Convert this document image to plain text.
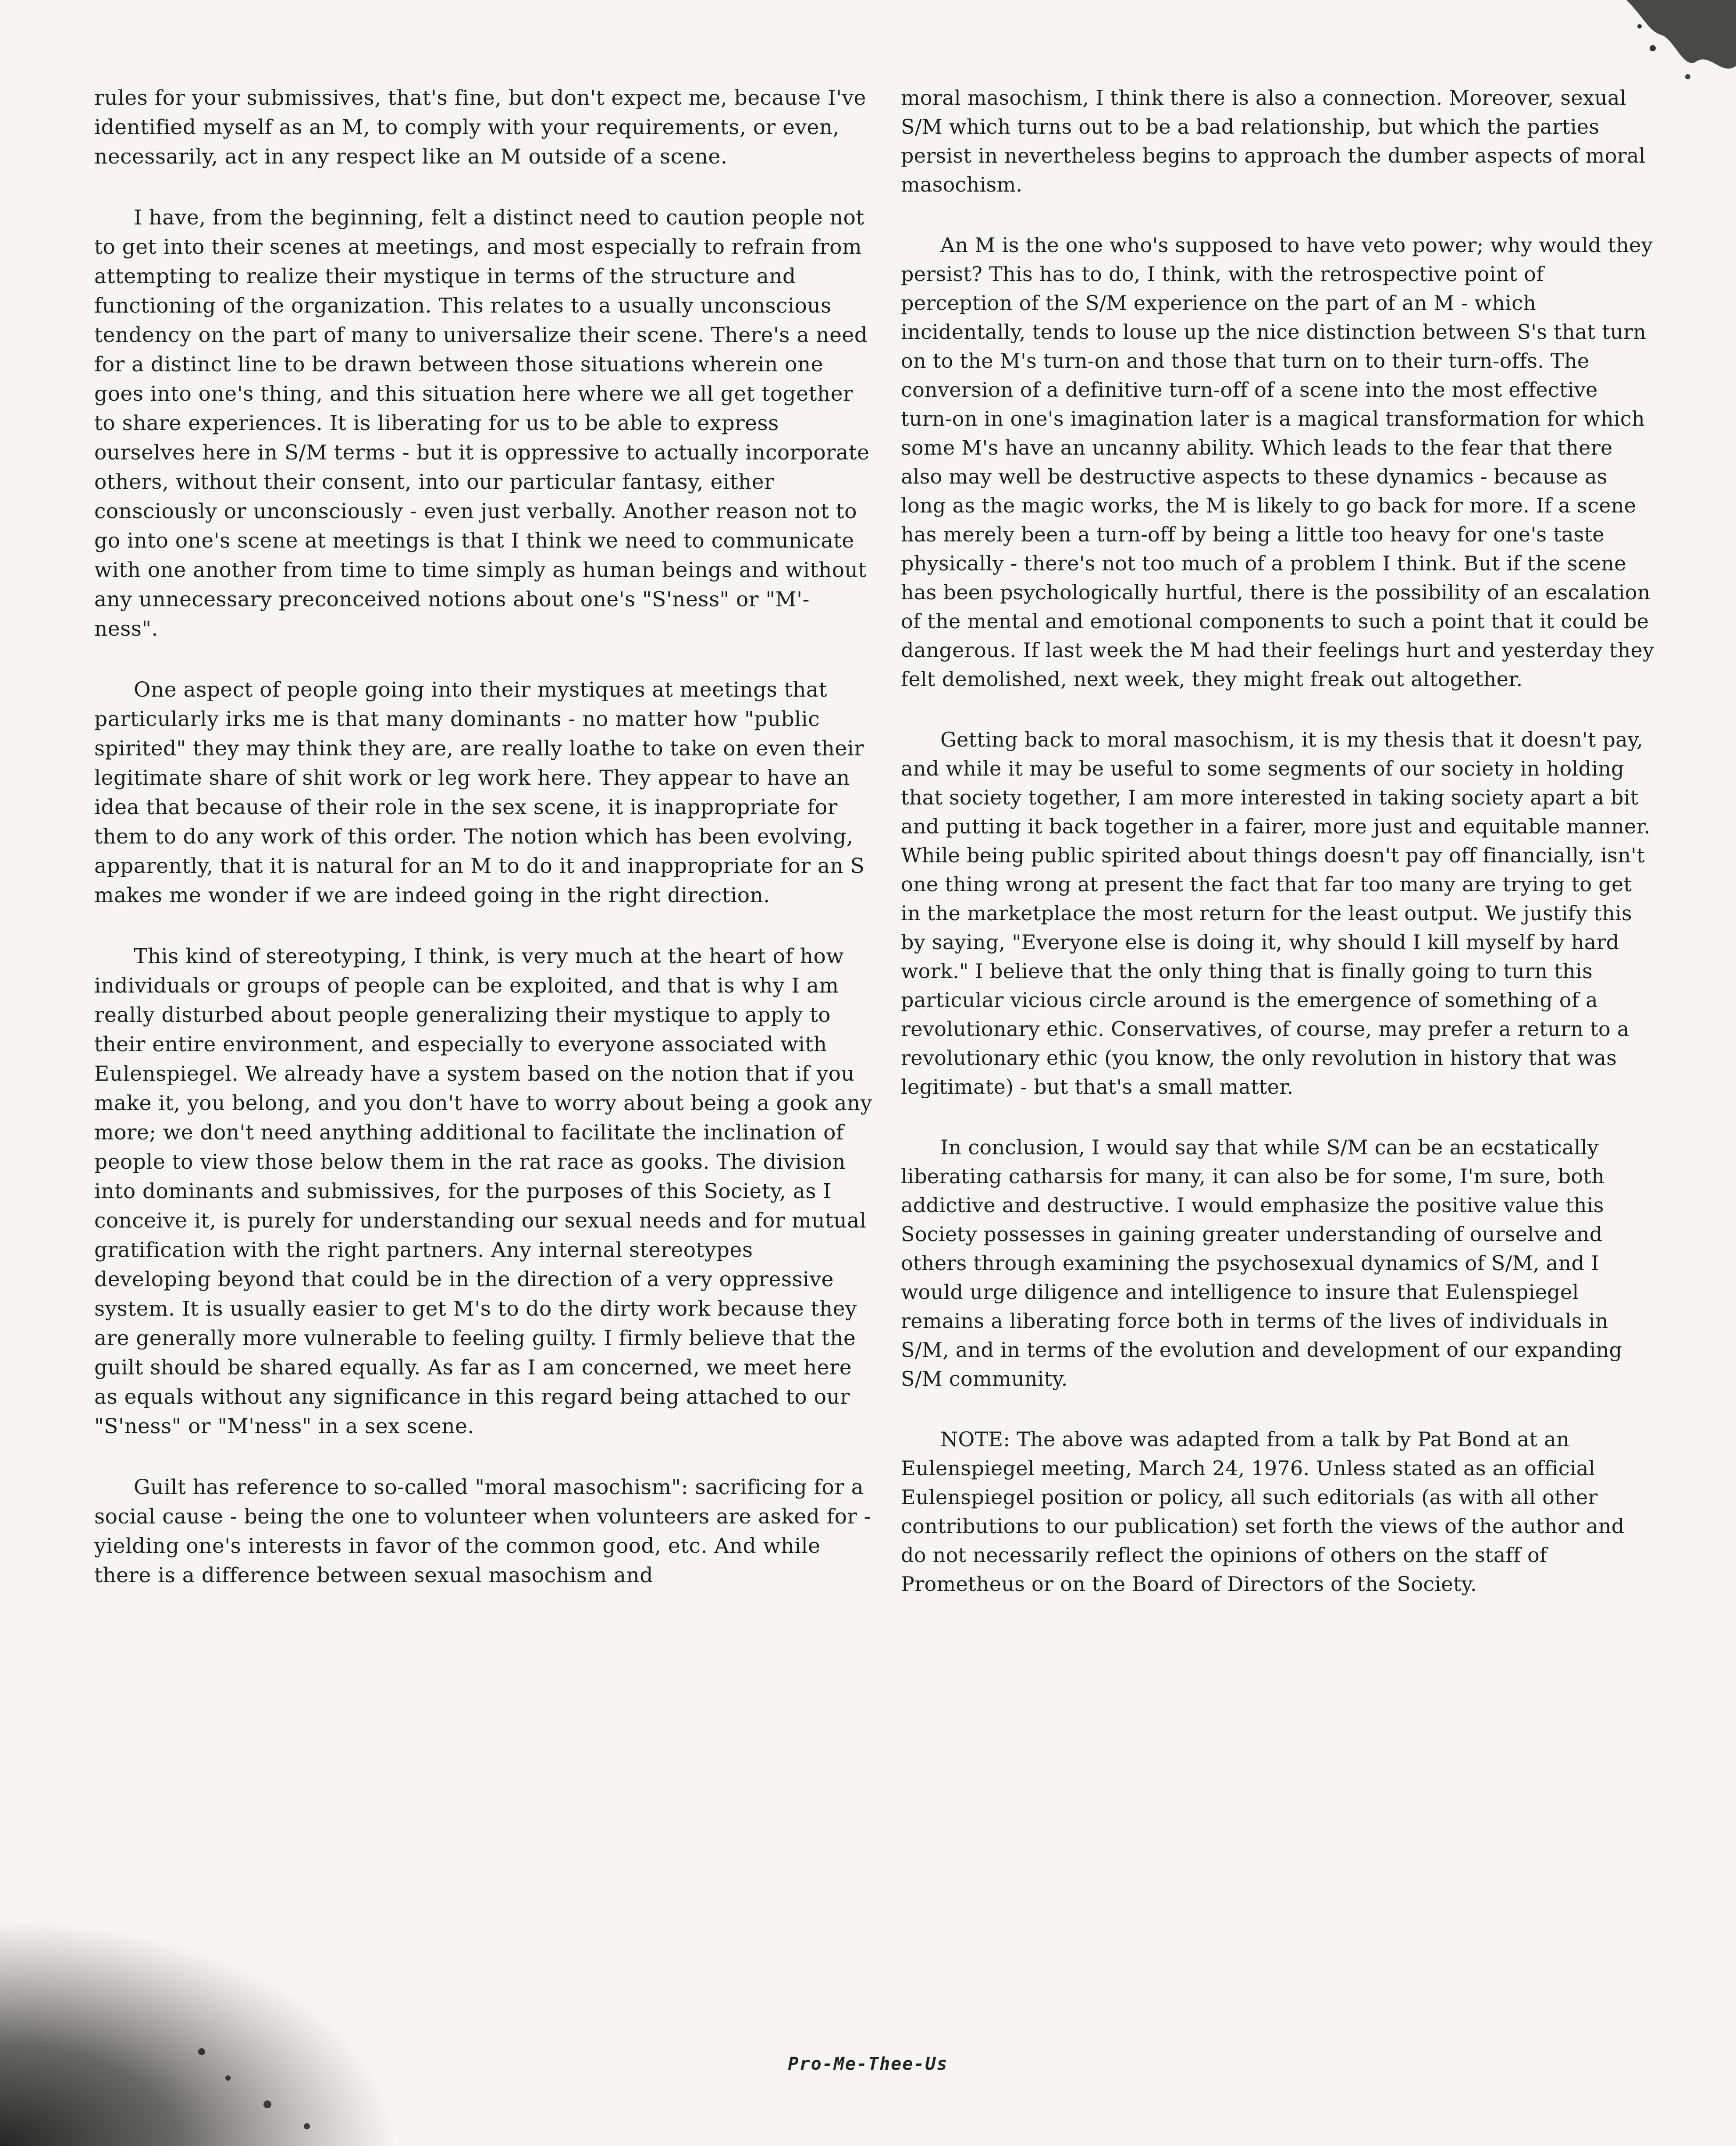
rules for your submissives, that's fine, but don't expect me, because I've identified myself as an M, to comply with your requirements, or even, necessarily, act in any respect like an M outside of a scene.

I have, from the beginning, felt a distinct need to caution people not to get into their scenes at meetings, and most especially to refrain from attempting to realize their mystique in terms of the structure and functioning of the organization. This relates to a usually unconscious tendency on the part of many to universalize their scene. There's a need for a distinct line to be drawn between those situations wherein one goes into one's thing, and this situation here where we all get together to share experiences. It is liberating for us to be able to express ourselves here in S/M terms - but it is oppressive to actually incorporate others, without their consent, into our particular fantasy, either consciously or unconsciously - even just verbally. Another reason not to go into one's scene at meetings is that I think we need to communicate with one another from time to time simply as human beings and without any unnecessary preconceived notions about one's "S'ness" or "M'-ness".

One aspect of people going into their mystiques at meetings that particularly irks me is that many dominants - no matter how "public spirited" they may think they are, are really loathe to take on even their legitimate share of shit work or leg work here. They appear to have an idea that because of their role in the sex scene, it is inappropriate for them to do any work of this order. The notion which has been evolving, apparently, that it is natural for an M to do it and inappropriate for an S makes me wonder if we are indeed going in the right direction.

This kind of stereotyping, I think, is very much at the heart of how individuals or groups of people can be exploited, and that is why I am really disturbed about people generalizing their mystique to apply to their entire environment, and especially to everyone associated with Eulenspiegel. We already have a system based on the notion that if you make it, you belong, and you don't have to worry about being a gook any more; we don't need anything additional to facilitate the inclination of people to view those below them in the rat race as gooks. The division into dominants and submissives, for the purposes of this Society, as I conceive it, is purely for understanding our sexual needs and for mutual gratification with the right partners. Any internal stereotypes developing beyond that could be in the direction of a very oppressive system. It is usually easier to get M's to do the dirty work because they are generally more vulnerable to feeling guilty. I firmly believe that the guilt should be shared equally. As far as I am concerned, we meet here as equals without any significance in this regard being attached to our "S'ness" or "M'ness" in a sex scene.

Guilt has reference to so-called "moral masochism": sacrificing for a social cause - being the one to volunteer when volunteers are asked for - yielding one's interests in favor of the common good, etc. And while there is a difference between sexual masochism and

moral masochism, I think there is also a connection. Moreover, sexual S/M which turns out to be a bad relationship, but which the parties persist in nevertheless begins to approach the dumber aspects of moral masochism.

An M is the one who's supposed to have veto power; why would they persist? This has to do, I think, with the retrospective point of perception of the S/M experience on the part of an M - which incidentally, tends to louse up the nice distinction between S's that turn on to the M's turn-on and those that turn on to their turn-offs. The conversion of a definitive turn-off of a scene into the most effective turn-on in one's imagination later is a magical transformation for which some M's have an uncanny ability. Which leads to the fear that there also may well be destructive aspects to these dynamics - because as long as the magic works, the M is likely to go back for more. If a scene has merely been a turn-off by being a little too heavy for one's taste physically - there's not too much of a problem I think. But if the scene has been psychologically hurtful, there is the possibility of an escalation of the mental and emotional components to such a point that it could be dangerous. If last week the M had their feelings hurt and yesterday they felt demolished, next week, they might freak out altogether.

Getting back to moral masochism, it is my thesis that it doesn't pay, and while it may be useful to some segments of our society in holding that society together, I am more interested in taking society apart a bit and putting it back together in a fairer, more just and equitable manner. While being public spirited about things doesn't pay off financially, isn't one thing wrong at present the fact that far too many are trying to get in the marketplace the most return for the least output. We justify this by saying, "Everyone else is doing it, why should I kill myself by hard work." I believe that the only thing that is finally going to turn this particular vicious circle around is the emergence of something of a revolutionary ethic. Conservatives, of course, may prefer a return to a revolutionary ethic (you know, the only revolution in history that was legitimate) - but that's a small matter.

In conclusion, I would say that while S/M can be an ecstatically liberating catharsis for many, it can also be for some, I'm sure, both addictive and destructive. I would emphasize the positive value this Society possesses in gaining greater understanding of ourselve and others through examining the psychosexual dynamics of S/M, and I would urge diligence and intelligence to insure that Eulenspiegel remains a liberating force both in terms of the lives of individuals in S/M, and in terms of the evolution and development of our expanding S/M community.

NOTE: The above was adapted from a talk by Pat Bond at an Eulenspiegel meeting, March 24, 1976. Unless stated as an official Eulenspiegel position or policy, all such editorials (as with all other contributions to our publication) set forth the views of the author and do not necessarily reflect the opinions of others on the staff of Prometheus or on the Board of Directors of the Society.

Pro-Me-Thee-Us
